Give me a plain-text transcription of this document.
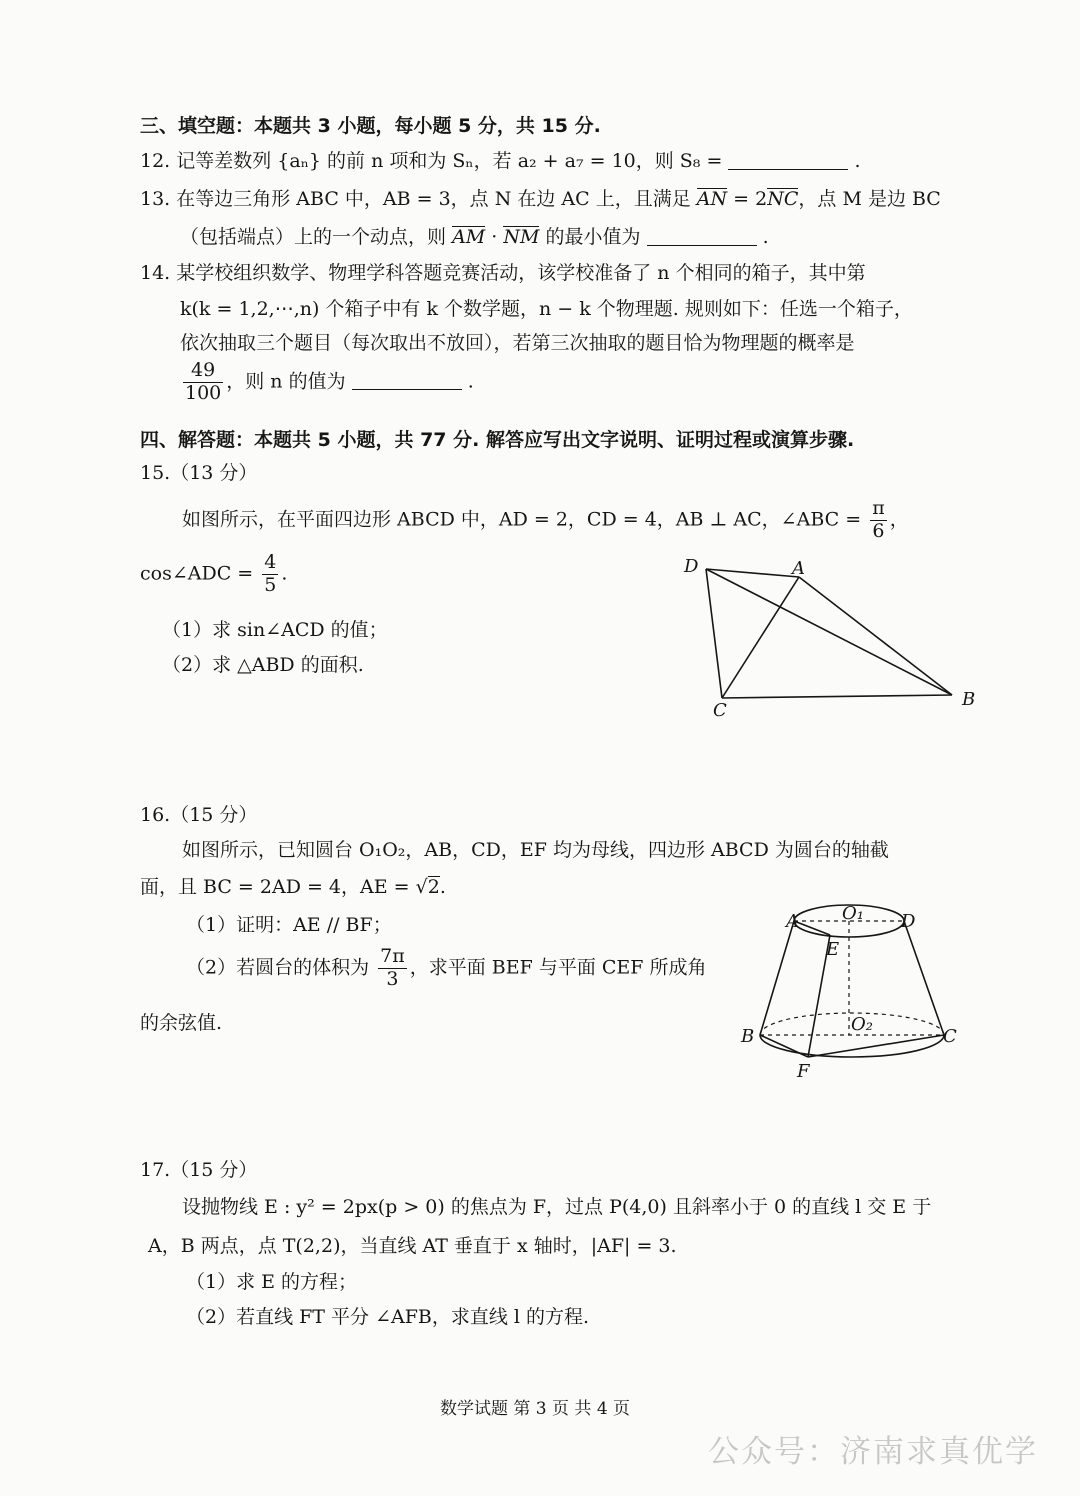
三、填空题：本题共 3 小题，每小题 5 分，共 15 分.
12. 记等差数列 {aₙ} 的前 n 项和为 Sₙ，若 a₂ + a₇ = 10，则 S₈ =	.
13. 在等边三角形 ABC 中，AB = 3，点 N 在边 AC 上，且满足 AN = 2NC，点 M 是边 BC
（包括端点）上的一个动点，则 AM · NM 的最小值为	.
14. 某学校组织数学、物理学科答题竞赛活动，该学校准备了 n 个相同的箱子，其中第
k(k = 1,2,⋯,n) 个箱子中有 k 个数学题，n − k 个物理题. 规则如下：任选一个箱子，
依次抽取三个题目（每次取出不放回），若第三次抽取的题目恰为物理题的概率是
$\frac{49}{100}$ ，则 n 的值为	.
四、解答题：本题共 5 小题，共 77 分. 解答应写出文字说明、证明过程或演算步骤.
15.（13 分）
如图所示，在平面四边形 ABCD 中，AD = 2，CD = 4，AB ⊥ AC，∠ABC = $\frac{\pi}{6}$ ，
cos∠ADC = $\frac{4}{5}$ .
（1）求 sin∠ACD 的值；
（2）求 △ABD 的面积.
D	A
B
C
16.（15 分）
如图所示，已知圆台 O₁O₂，AB，CD，EF 均为母线，四边形 ABCD 为圆台的轴截
面，且 BC = 2AD = 4，AE = √2.
（1）证明：AE // BF；
（2）若圆台的体积为 $\frac{7\pi}{3}$ ，求平面 BEF 与平面 CEF 所成角
的余弦值.
A O₁ D
E
O₂
B	C
F
17.（15 分）
设抛物线 E : y² = 2px(p > 0) 的焦点为 F，过点 P(4,0) 且斜率小于 0 的直线 l 交 E 于
A，B 两点，点 T(2,2)，当直线 AT 垂直于 x 轴时，|AF| = 3.
（1）求 E 的方程；
（2）若直线 FT 平分 ∠AFB，求直线 l 的方程.
数学试题 第 3 页 共 4 页
公众号：济南求真优学
